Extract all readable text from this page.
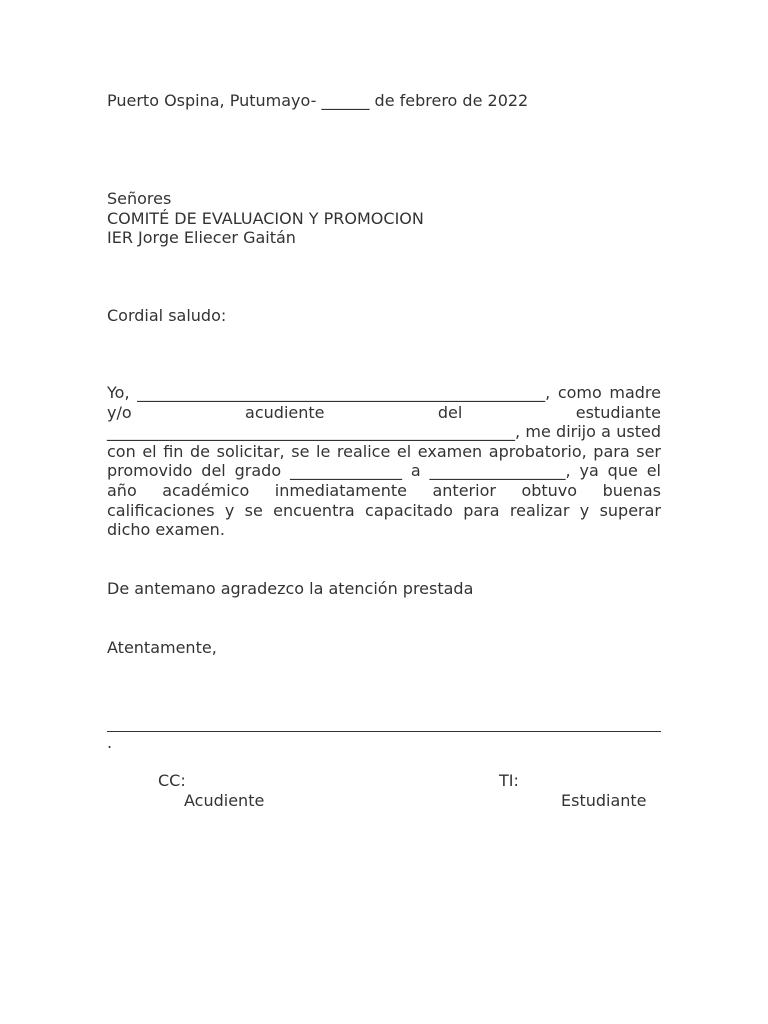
Puerto Ospina, Putumayo- ______ de febrero de 2022
Señores
COMITÉ DE EVALUACION Y PROMOCION
IER Jorge Eliecer Gaitán
Cordial saludo:
Yo, ___________________________________________________, como madre y/o acudiente del estudiante ___________________________________________________, me dirijo a usted con el fin de solicitar, se le realice el examen aprobatorio, para ser promovido del grado ______________ a _________________, ya que el año académico inmediatamente anterior obtuvo buenas calificaciones y se encuentra capacitado para realizar y superar dicho examen.
De antemano agradezco la atención prestada
Atentamente,
.
CC:	TI:
Acudiente	Estudiante
